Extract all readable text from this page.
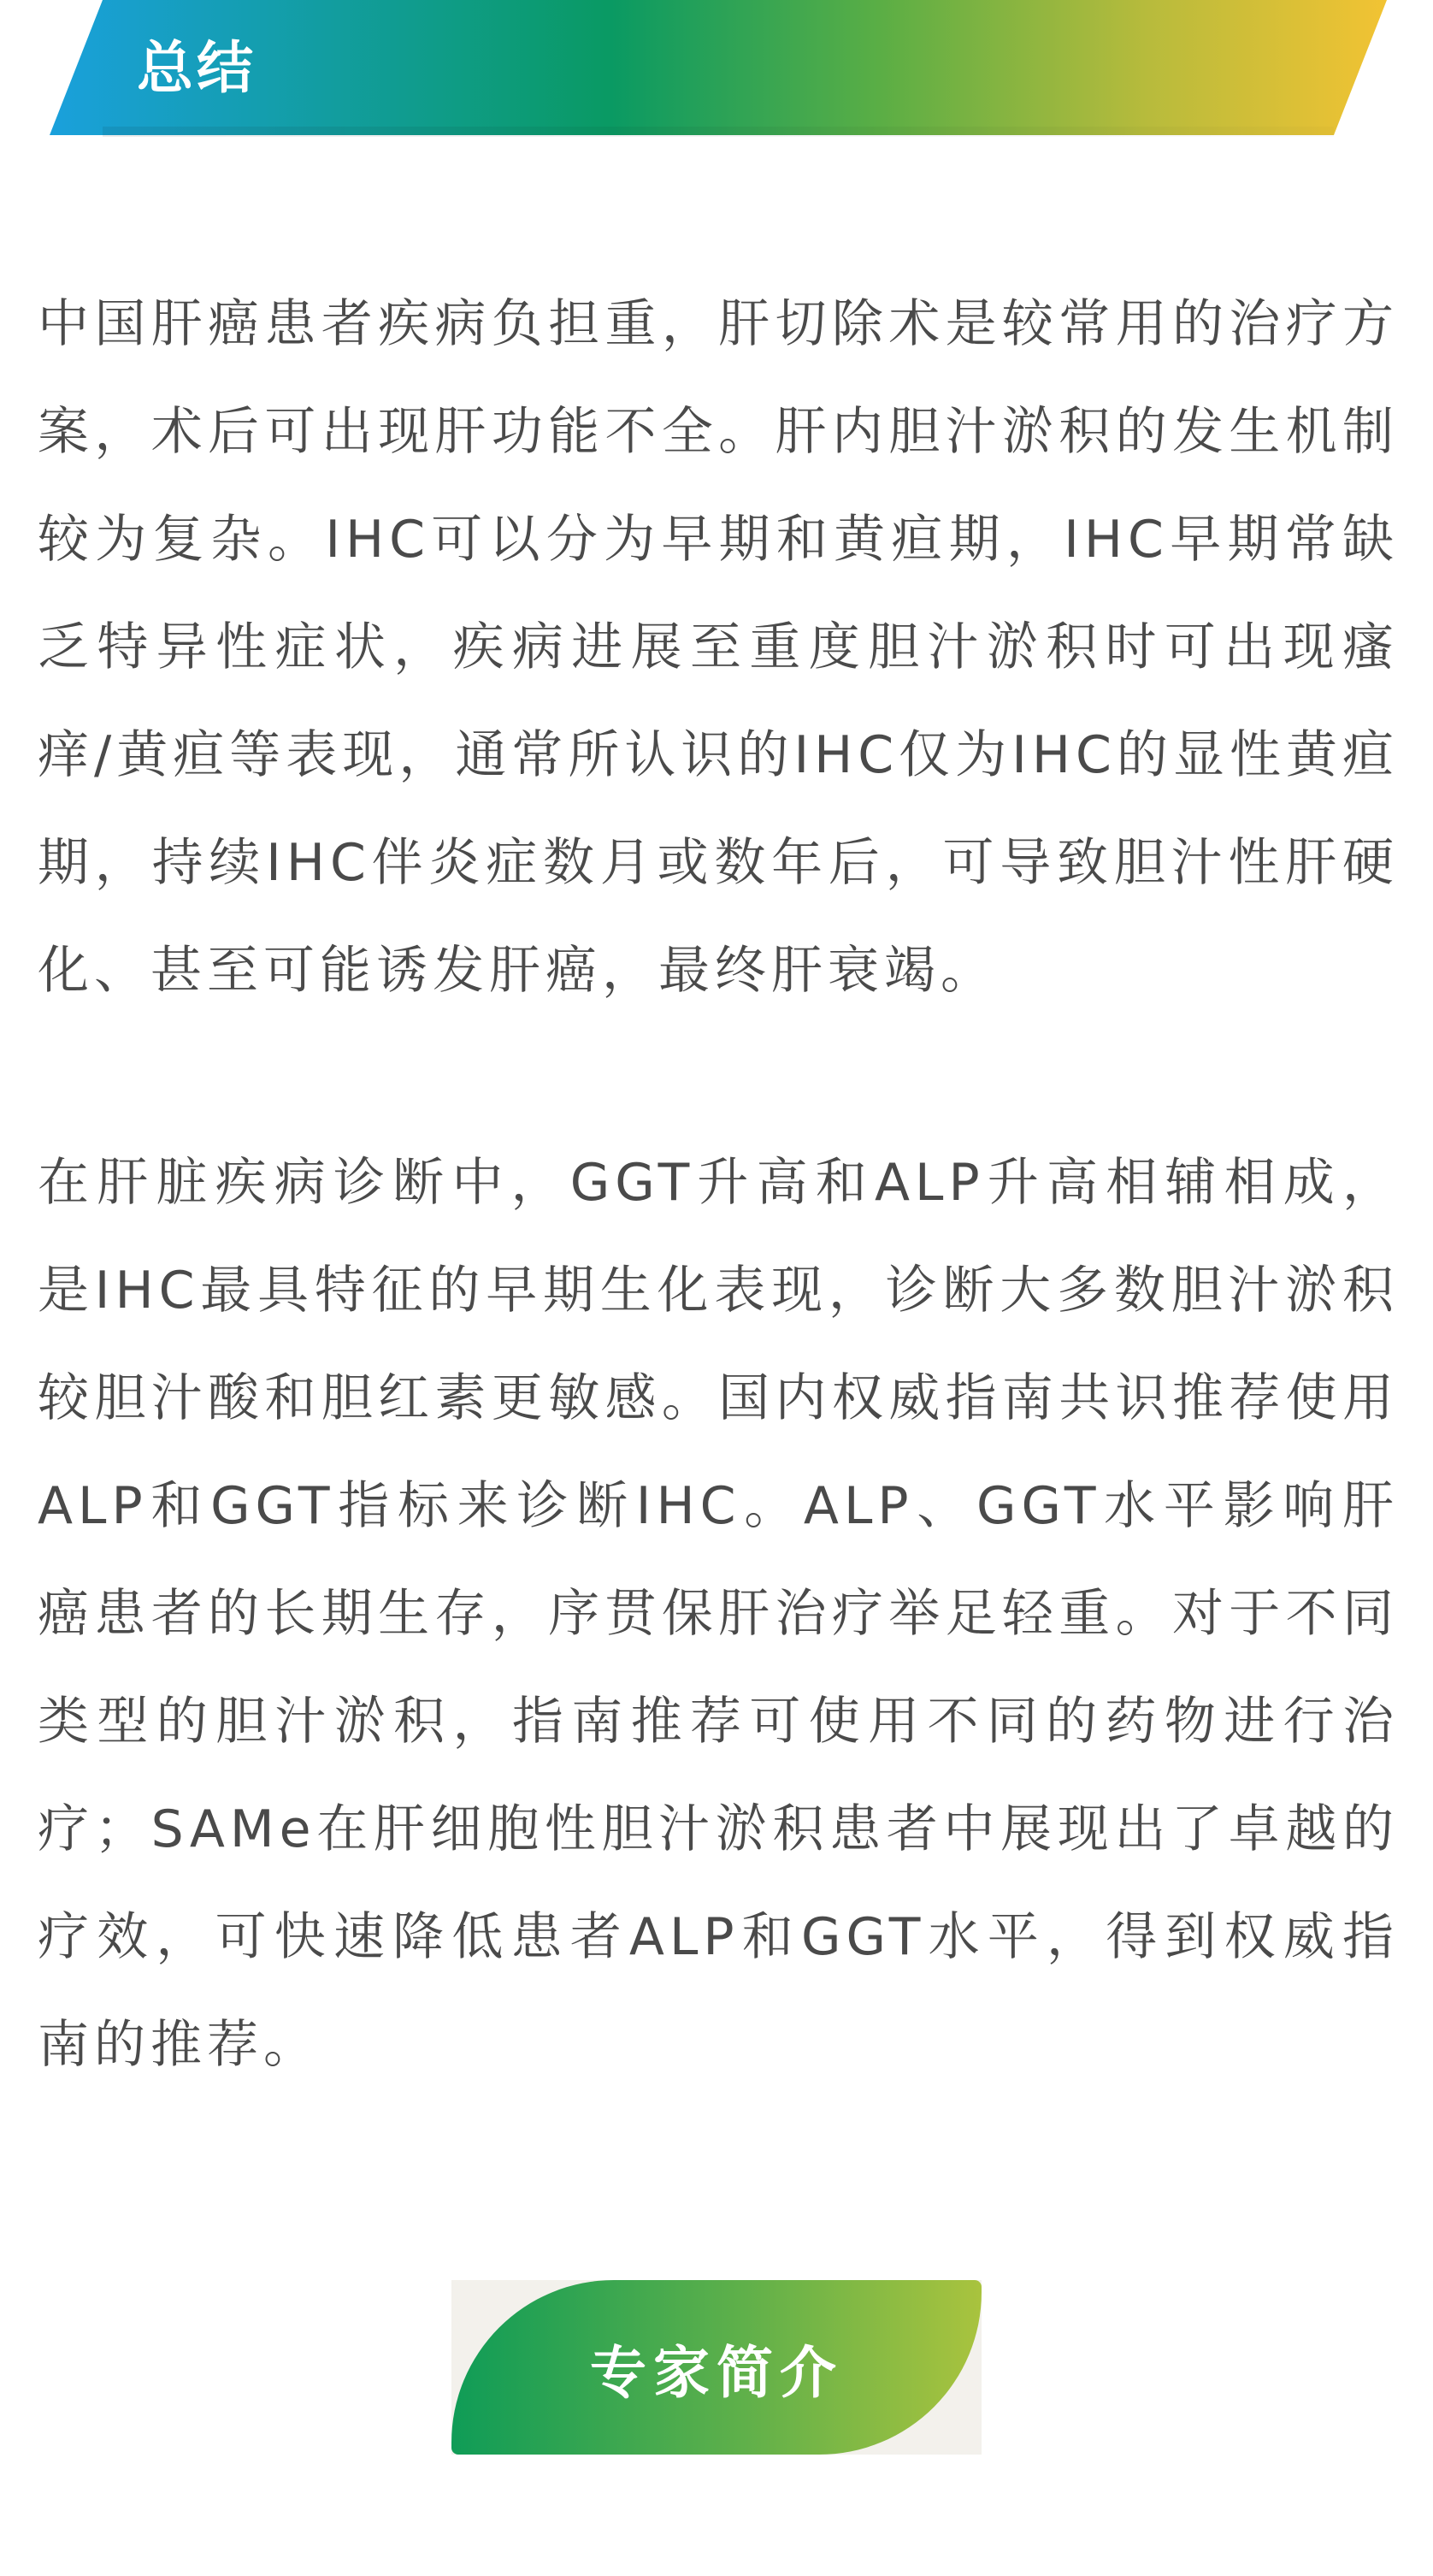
总结

中国肝癌患者疾病负担重，肝切除术是较常用的治疗方案，术后可出现肝功能不全。肝内胆汁淤积的发生机制较为复杂。IHC可以分为早期和黄疸期，IHC早期常缺乏特异性症状，疾病进展至重度胆汁淤积时可出现瘙痒/黄疸等表现，通常所认识的IHC仅为IHC的显性黄疸期，持续IHC伴炎症数月或数年后，可导致胆汁性肝硬化、甚至可能诱发肝癌，最终肝衰竭。

在肝脏疾病诊断中，GGT升高和ALP升高相辅相成，是IHC最具特征的早期生化表现，诊断大多数胆汁淤积较胆汁酸和胆红素更敏感。国内权威指南共识推荐使用ALP和GGT指标来诊断IHC。ALP、GGT水平影响肝癌患者的长期生存，序贯保肝治疗举足轻重。对于不同类型的胆汁淤积，指南推荐可使用不同的药物进行治疗；SAMe在肝细胞性胆汁淤积患者中展现出了卓越的疗效，可快速降低患者ALP和GGT水平，得到权威指南的推荐。

专家简介
